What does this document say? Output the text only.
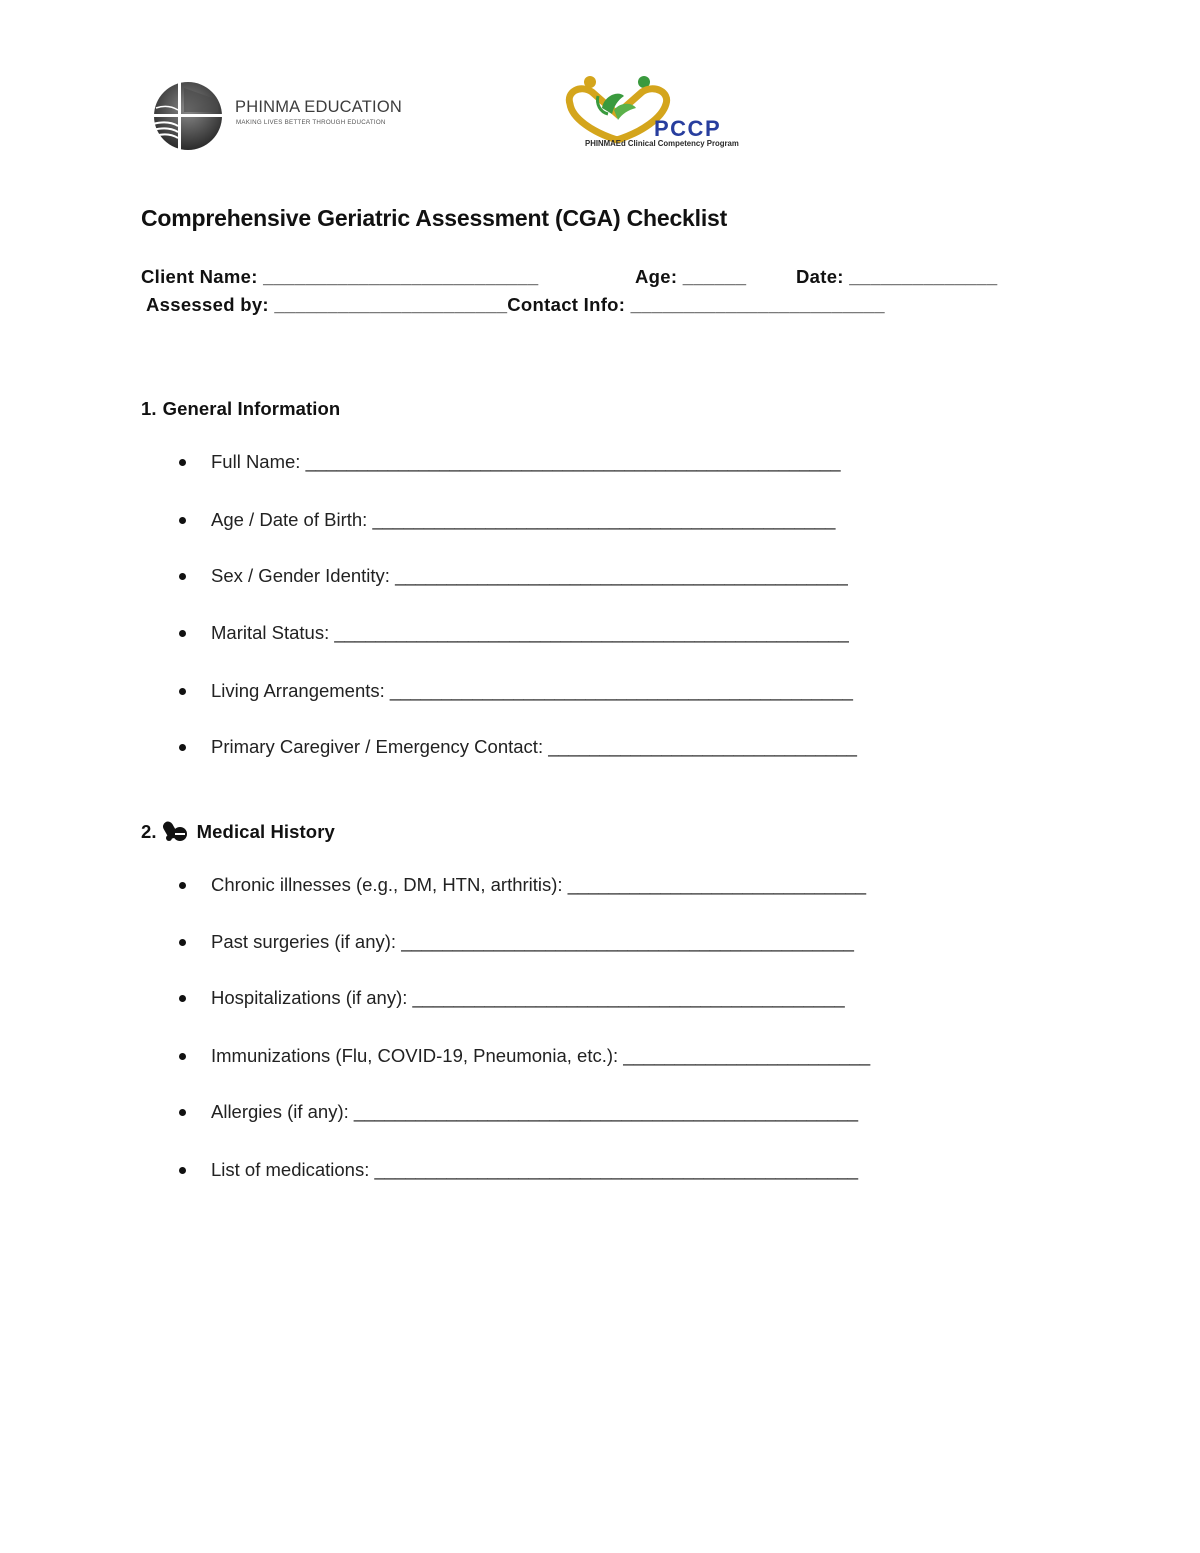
PHINMA EDUCATION
MAKING LIVES BETTER THROUGH EDUCATION	PCCP
PHINMAEd Clinical Competency Program
Comprehensive Geriatric Assessment (CGA) Checklist
Client Name: __________________________	Age: ______	Date: ______________
Assessed by: ______________________Contact Info: ________________________
1. General Information
Full Name: ____________________________________________________
Age / Date of Birth: _____________________________________________
Sex / Gender Identity: ____________________________________________
Marital Status: __________________________________________________
Living Arrangements: _____________________________________________
Primary Caregiver / Emergency Contact: ______________________________
2. Medical History
Chronic illnesses (e.g., DM, HTN, arthritis): _____________________________
Past surgeries (if any): ____________________________________________
Hospitalizations (if any): __________________________________________
Immunizations (Flu, COVID-19, Pneumonia, etc.): ________________________
Allergies (if any): _________________________________________________
List of medications: _______________________________________________
